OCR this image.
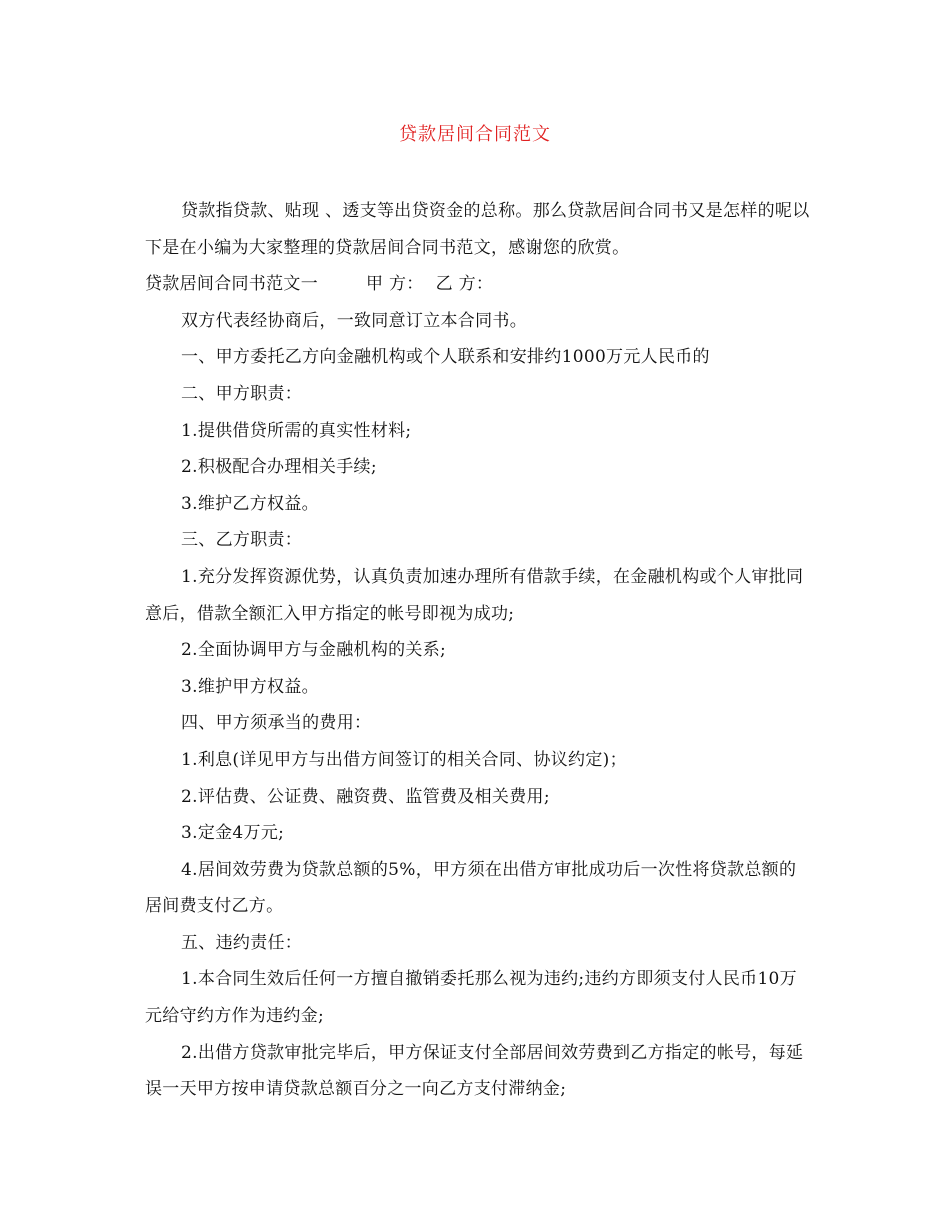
贷款居间合同范文

贷款指贷款、贴现 、透支等出贷资金的总称。那么贷款居间合同书又是怎样的呢以下是在小编为大家整理的贷款居间合同书范文，感谢您的欣赏。

贷款居间合同书范文一	甲 方： 乙 方：

双方代表经协商后，一致同意订立本合同书。

一、甲方委托乙方向金融机构或个人联系和安排约1000万元人民币的

二、甲方职责：

1.提供借贷所需的真实性材料;

2.积极配合办理相关手续;

3.维护乙方权益。

三、乙方职责：

1.充分发挥资源优势，认真负责加速办理所有借款手续，在金融机构或个人审批同意后，借款全额汇入甲方指定的帐号即视为成功;

2.全面协调甲方与金融机构的关系;

3.维护甲方权益。

四、甲方须承当的费用：

1.利息(详见甲方与出借方间签订的相关合同、协议约定)；

2.评估费、公证费、融资费、监管费及相关费用;

3.定金4万元;

4.居间效劳费为贷款总额的5%，甲方须在出借方审批成功后一次性将贷款总额的居间费支付乙方。

五、违约责任：

1.本合同生效后任何一方擅自撤销委托那么视为违约;违约方即须支付人民币10万元给守约方作为违约金;

2.出借方贷款审批完毕后，甲方保证支付全部居间效劳费到乙方指定的帐号，每延误一天甲方按申请贷款总额百分之一向乙方支付滞纳金;
